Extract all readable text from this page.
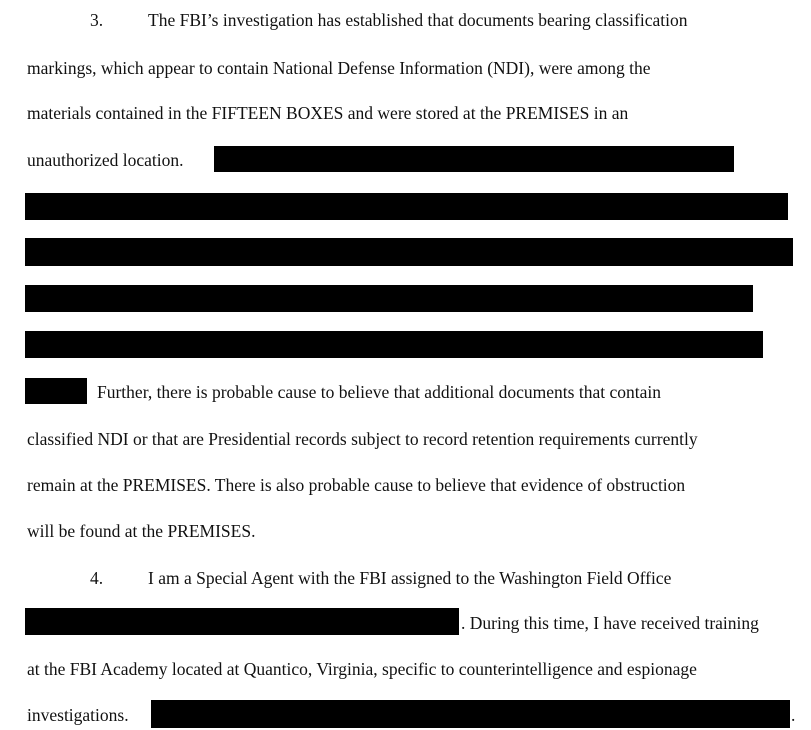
3.	The FBI’s investigation has established that documents bearing classification
markings, which appear to contain National Defense Information (NDI), were among the
materials contained in the FIFTEEN BOXES and were stored at the PREMISES in an
unauthorized location.
Further, there is probable cause to believe that additional documents that contain
classified NDI or that are Presidential records subject to record retention requirements currently
remain at the PREMISES. There is also probable cause to believe that evidence of obstruction
will be found at the PREMISES.
4.	I am a Special Agent with the FBI assigned to the Washington Field Office
. During this time, I have received training
at the FBI Academy located at Quantico, Virginia, specific to counterintelligence and espionage
investigations.	.
